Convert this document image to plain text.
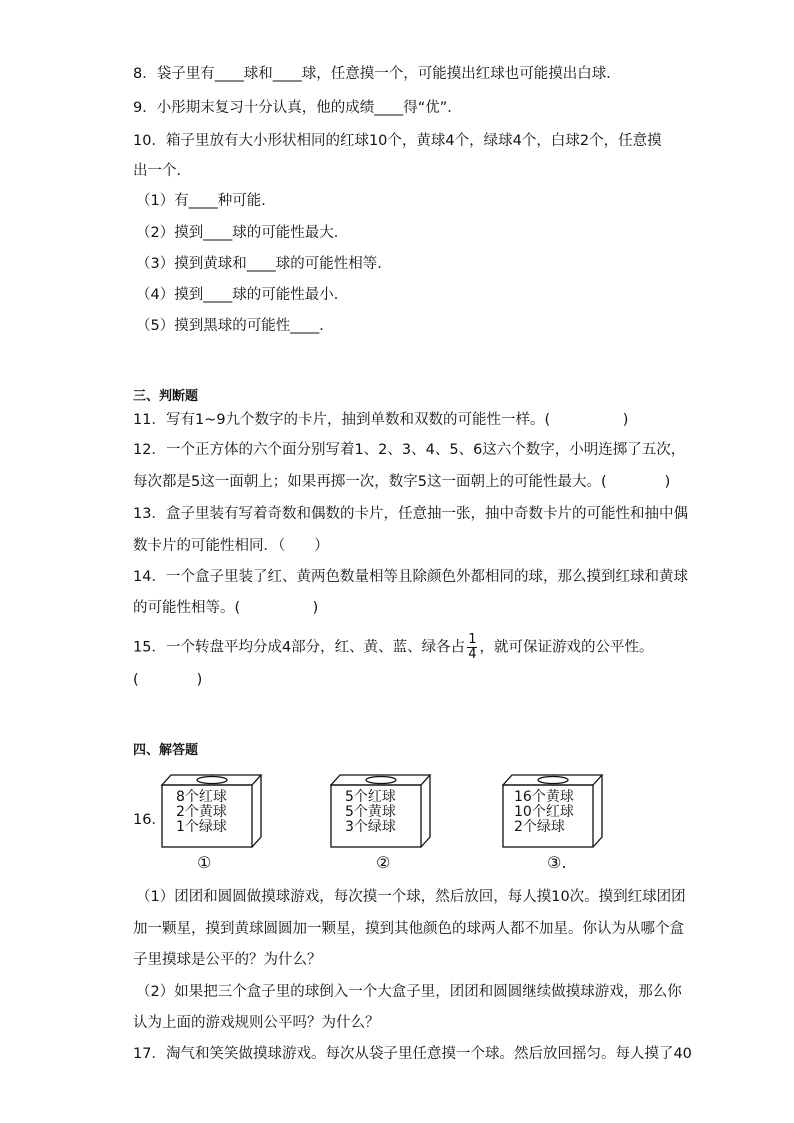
8．袋子里有____球和____球，任意摸一个，可能摸出红球也可能摸出白球．
9．小彤期末复习十分认真，他的成绩____得“优”．
10．箱子里放有大小形状相同的红球10个，黄球4个，绿球4个，白球2个，任意摸
出一个．
（1）有____种可能．
（2）摸到____球的可能性最大．
（3）摸到黄球和____球的可能性相等．
（4）摸到____球的可能性最小．
（5）摸到黑球的可能性____．
三、判断题
11．写有1~9九个数字的卡片，抽到单数和双数的可能性一样。(　　　　　)
12．一个正方体的六个面分别写着1、2、3、4、5、6这六个数字，小明连掷了五次，
每次都是5这一面朝上；如果再掷一次，数字5这一面朝上的可能性最大。(　　　　)
13．盒子里装有写着奇数和偶数的卡片，任意抽一张，抽中奇数卡片的可能性和抽中偶
数卡片的可能性相同．（　　）
14．一个盒子里装了红、黄两色数量相等且除颜色外都相同的球，那么摸到红球和黄球
的可能性相等。(　　　　　)
15．一个转盘平均分成4部分，红、黄、蓝、绿各占 $\frac{1}{4}$ ，就可保证游戏的公平性。
(　　　　)
四、解答题
16．
8个红球
2个黄球
1个绿球
5个红球
5个黄球
3个绿球
16个黄球
10个红球
2个绿球
①	②	③.
（1）团团和圆圆做摸球游戏，每次摸一个球，然后放回，每人摸10次。摸到红球团团
加一颗星，摸到黄球圆圆加一颗星，摸到其他颜色的球两人都不加星。你认为从哪个盒
子里摸球是公平的？为什么？
（2）如果把三个盒子里的球倒入一个大盒子里，团团和圆圆继续做摸球游戏，那么你
认为上面的游戏规则公平吗？为什么？
17．淘气和笑笑做摸球游戏。每次从袋子里任意摸一个球。然后放回摇匀。每人摸了40
